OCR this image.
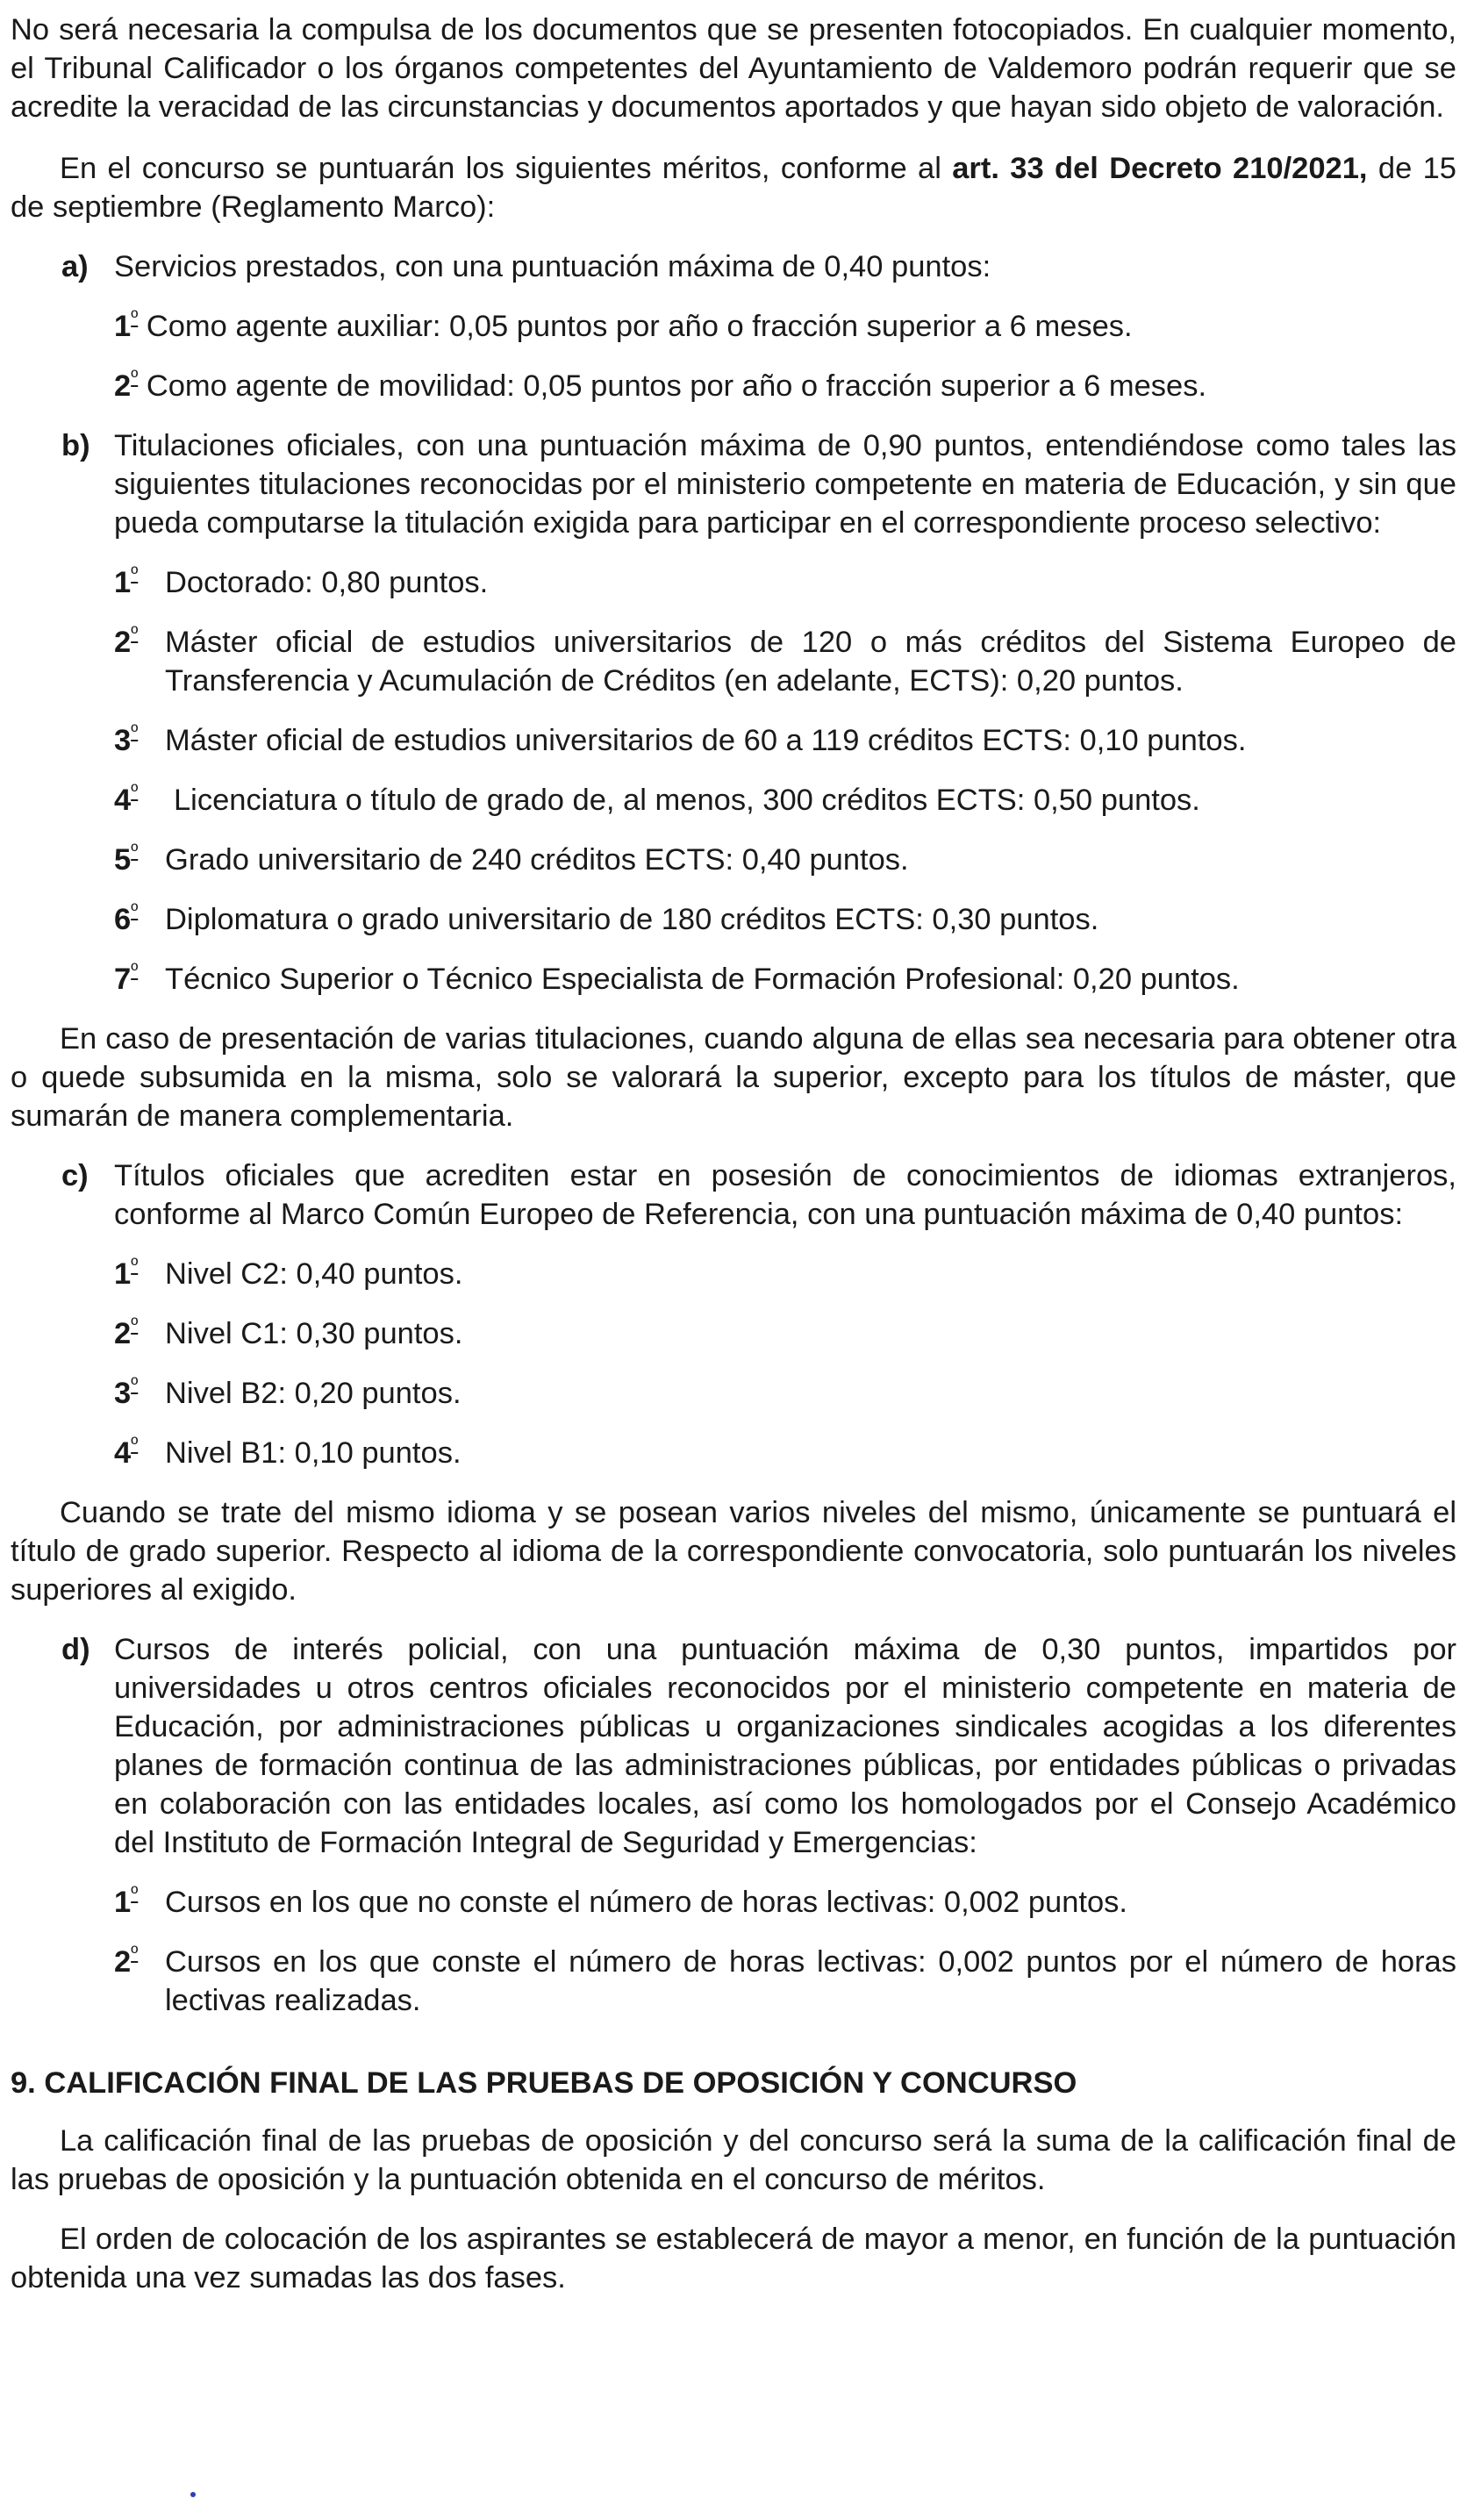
No será necesaria la compulsa de los documentos que se presenten fotocopiados. En cualquier momento, el Tribunal Calificador o los órganos competentes del Ayuntamiento de Valdemoro podrán requerir que se acredite la veracidad de las circunstancias y documentos aportados y que hayan sido objeto de valoración.

En el concurso se puntuarán los siguientes méritos, conforme al art. 33 del Decreto 210/2021, de 15 de septiembre (Reglamento Marco):

a) Servicios prestados, con una puntuación máxima de 0,40 puntos:

$1^º$ Como agente auxiliar: 0,05 puntos por año o fracción superior a 6 meses.

$2^º$ Como agente de movilidad: 0,05 puntos por año o fracción superior a 6 meses.

b) Titulaciones oficiales, con una puntuación máxima de 0,90 puntos, entendiéndose como tales las siguientes titulaciones reconocidas por el ministerio competente en materia de Educación, y sin que pueda computarse la titulación exigida para participar en el correspondiente proceso selectivo:

$1^º$ Doctorado: 0,80 puntos.

$2^º$ Máster oficial de estudios universitarios de 120 o más créditos del Sistema Europeo de Transferencia y Acumulación de Créditos (en adelante, ECTS): 0,20 puntos.

$3^º$ Máster oficial de estudios universitarios de 60 a 119 créditos ECTS: 0,10 puntos.

$4^º$ Licenciatura o título de grado de, al menos, 300 créditos ECTS: 0,50 puntos.

$5^º$ Grado universitario de 240 créditos ECTS: 0,40 puntos.

$6^º$ Diplomatura o grado universitario de 180 créditos ECTS: 0,30 puntos.

$7^º$ Técnico Superior o Técnico Especialista de Formación Profesional: 0,20 puntos.

En caso de presentación de varias titulaciones, cuando alguna de ellas sea necesaria para obtener otra o quede subsumida en la misma, solo se valorará la superior, excepto para los títulos de máster, que sumarán de manera complementaria.

c) Títulos oficiales que acrediten estar en posesión de conocimientos de idiomas extranjeros, conforme al Marco Común Europeo de Referencia, con una puntuación máxima de 0,40 puntos:

$1^º$ Nivel C2: 0,40 puntos.

$2^º$ Nivel C1: 0,30 puntos.

$3^º$ Nivel B2: 0,20 puntos.

$4^º$ Nivel B1: 0,10 puntos.

Cuando se trate del mismo idioma y se posean varios niveles del mismo, únicamente se puntuará el título de grado superior. Respecto al idioma de la correspondiente convocatoria, solo puntuarán los niveles superiores al exigido.

d) Cursos de interés policial, con una puntuación máxima de 0,30 puntos, impartidos por universidades u otros centros oficiales reconocidos por el ministerio competente en materia de Educación, por administraciones públicas u organizaciones sindicales acogidas a los diferentes planes de formación continua de las administraciones públicas, por entidades públicas o privadas en colaboración con las entidades locales, así como los homologados por el Consejo Académico del Instituto de Formación Integral de Seguridad y Emergencias:

$1^º$ Cursos en los que no conste el número de horas lectivas: 0,002 puntos.

$2^º$ Cursos en los que conste el número de horas lectivas: 0,002 puntos por el número de horas lectivas realizadas.

9. CALIFICACIÓN FINAL DE LAS PRUEBAS DE OPOSICIÓN Y CONCURSO

La calificación final de las pruebas de oposición y del concurso será la suma de la calificación final de las pruebas de oposición y la puntuación obtenida en el concurso de méritos.

El orden de colocación de los aspirantes se establecerá de mayor a menor, en función de la puntuación obtenida una vez sumadas las dos fases.
